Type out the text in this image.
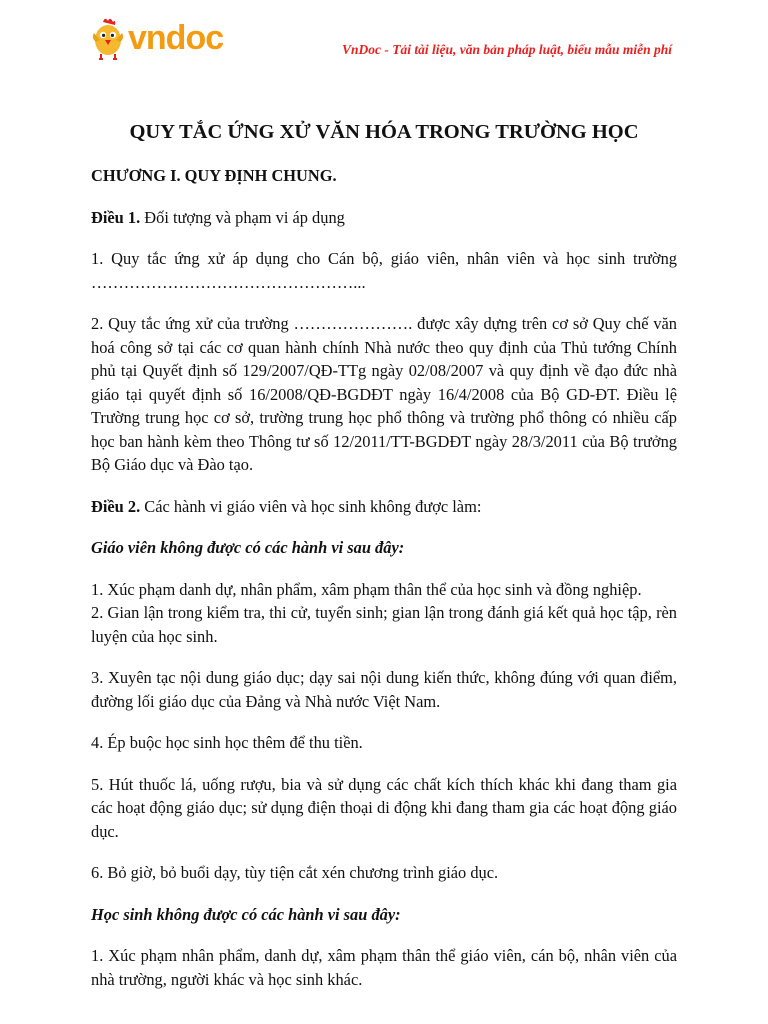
vndoc	VnDoc - Tải tài liệu, văn bản pháp luật, biểu mẫu miễn phí
QUY TẮC ỨNG XỬ VĂN HÓA TRONG TRƯỜNG HỌC
CHƯƠNG I. QUY ĐỊNH CHUNG.

Điều 1. Đối tượng và phạm vi áp dụng

1. Quy tắc ứng xử áp dụng cho Cán bộ, giáo viên, nhân viên và học sinh trường …………………………………………...

2. Quy tắc ứng xử của trường …………………. được xây dựng trên cơ sở Quy chế văn hoá công sở tại các cơ quan hành chính Nhà nước theo quy định của Thủ tướng Chính phủ tại Quyết định số 129/2007/QĐ-TTg ngày 02/08/2007 và quy định về đạo đức nhà giáo tại quyết định số 16/2008/QĐ-BGDĐT ngày 16/4/2008 của Bộ GD-ĐT. Điều lệ Trường trung học cơ sở, trường trung học phổ thông và trường phổ thông có nhiều cấp học ban hành kèm theo Thông tư số 12/2011/TT-BGDĐT ngày 28/3/2011 của Bộ trưởng Bộ Giáo dục và Đào tạo.

Điều 2. Các hành vi giáo viên và học sinh không được làm:

Giáo viên không được có các hành vi sau đây:

1. Xúc phạm danh dự, nhân phẩm, xâm phạm thân thể của học sinh và đồng nghiệp.

2. Gian lận trong kiểm tra, thi cử, tuyển sinh; gian lận trong đánh giá kết quả học tập, rèn luyện của học sinh.

3. Xuyên tạc nội dung giáo dục; dạy sai nội dung kiến thức, không đúng với quan điểm, đường lối giáo dục của Đảng và Nhà nước Việt Nam.

4. Ép buộc học sinh học thêm để thu tiền.

5. Hút thuốc lá, uống rượu, bia và sử dụng các chất kích thích khác khi đang tham gia các hoạt động giáo dục; sử dụng điện thoại di động khi đang tham gia các hoạt động giáo dục.

6. Bỏ giờ, bỏ buổi dạy, tùy tiện cắt xén chương trình giáo dục.

Học sinh không được có các hành vi sau đây:

1. Xúc phạm nhân phẩm, danh dự, xâm phạm thân thể giáo viên, cán bộ, nhân viên của nhà trường, người khác và học sinh khác.
